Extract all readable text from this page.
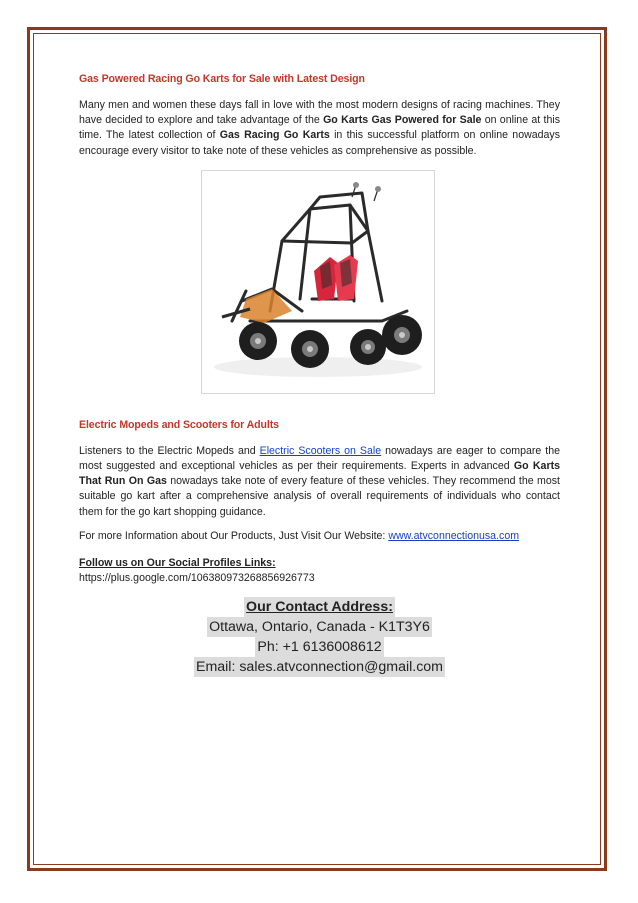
Gas Powered Racing Go Karts for Sale with Latest Design

Many men and women these days fall in love with the most modern designs of racing machines. They have decided to explore and take advantage of the Go Karts Gas Powered for Sale on online at this time. The latest collection of Gas Racing Go Karts in this successful platform on online nowadays encourage every visitor to take note of these vehicles as comprehensive as possible.

Electric Mopeds and Scooters for Adults

Listeners to the Electric Mopeds and Electric Scooters on Sale nowadays are eager to compare the most suggested and exceptional vehicles as per their requirements. Experts in advanced Go Karts That Run On Gas nowadays take note of every feature of these vehicles. They recommend the most suitable go kart after a comprehensive analysis of overall requirements of individuals who contact them for the go kart shopping guidance.

For more Information about Our Products, Just Visit Our Website: www.atvconnectionusa.com

Follow us on Our Social Profiles Links:

https://plus.google.com/106380973268856926773

Our Contact Address:
Ottawa, Ontario, Canada - K1T3Y6
Ph: +1 6136008612
Email: sales.atvconnection@gmail.com
